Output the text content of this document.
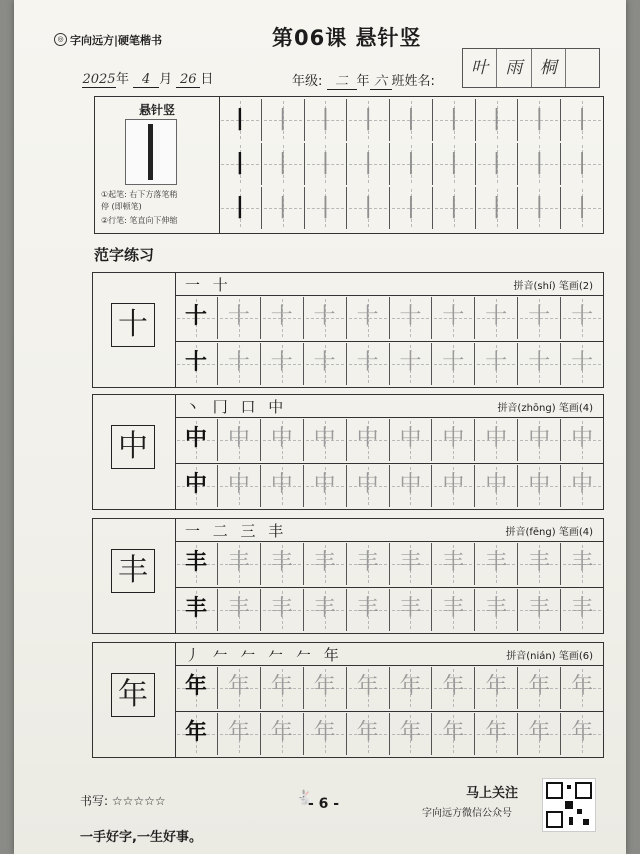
◎ 字向远方|硬笔楷书	第06课 悬针竖
2025年 4 月 26 日	年级: 二 年 六 班姓名:
叶	雨	桐
悬针竖
①起笔: 右下方落笔稍
停 (即顿笔)
②行笔: 笔直向下伸缩
|	|	|	|	|	|	|	|	|
|	|	|	|	|	|	|	|	|
|	|	|	|	|	|	|	|	|
范字练习
十
一 十	拼音(shí) 笔画(2)
十 十 十 十 十 十 十 十 十 十
十 十 十 十 十 十 十 十 十 十
中
丶 冂 口 中	拼音(zhōng) 笔画(4)
中 中 中 中 中 中 中 中 中 中
中 中 中 中 中 中 中 中 中 中
丰
一 二 三 丰	拼音(fēng) 笔画(4)
丰 丰 丰 丰 丰 丰 丰 丰 丰 丰
丰 丰 丰 丰 丰 丰 丰 丰 丰 丰
年
丿 𠂉 𠂉 𠂉 𠂉 年	拼音(nián) 笔画(6)
年 年 年 年 年 年 年 年 年 年
年 年 年 年 年 年 年 年 年 年
书写: ☆☆☆☆☆	🐇
- 6 -
一手好字,一生好事。
马上关注
字向远方微信公众号
